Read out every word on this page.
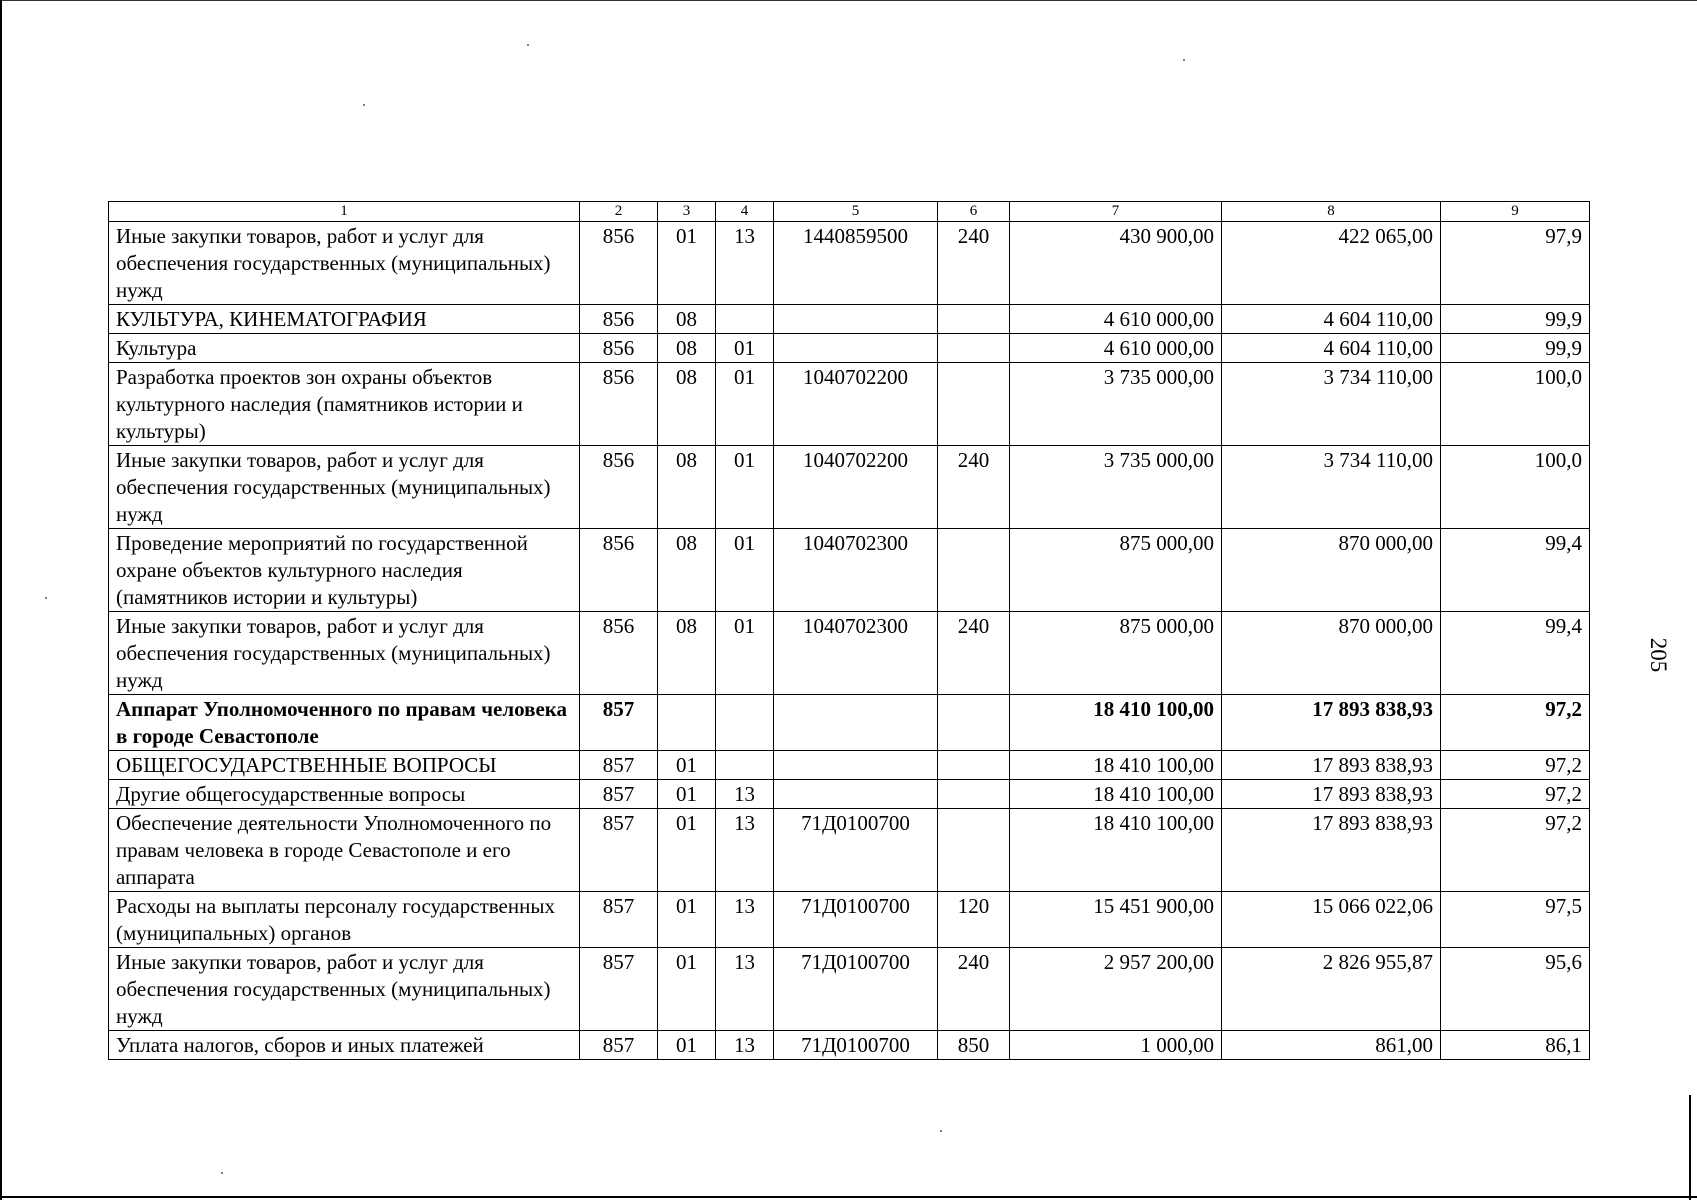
205
1	2	3	4	5	6	7	8	9
Иные закупки товаров, работ и услуг для обеспечения государственных (муниципальных) нужд	856	01	13	1440859500	240	430 900,00	422 065,00	97,9
КУЛЬТУРА, КИНЕМАТОГРАФИЯ	856	08				4 610 000,00	4 604 110,00	99,9
Культура	856	08	01			4 610 000,00	4 604 110,00	99,9
Разработка проектов зон охраны объектов культурного наследия (памятников истории и культуры)	856	08	01	1040702200		3 735 000,00	3 734 110,00	100,0
Иные закупки товаров, работ и услуг для обеспечения государственных (муниципальных) нужд	856	08	01	1040702200	240	3 735 000,00	3 734 110,00	100,0
Проведение мероприятий по государственной охране объектов культурного наследия (памятников истории и культуры)	856	08	01	1040702300		875 000,00	870 000,00	99,4
Иные закупки товаров, работ и услуг для обеспечения государственных (муниципальных) нужд	856	08	01	1040702300	240	875 000,00	870 000,00	99,4
Аппарат Уполномоченного по правам человека в городе Севастополе	857					18 410 100,00	17 893 838,93	97,2
ОБЩЕГОСУДАРСТВЕННЫЕ ВОПРОСЫ	857	01				18 410 100,00	17 893 838,93	97,2
Другие общегосударственные вопросы	857	01	13			18 410 100,00	17 893 838,93	97,2
Обеспечение деятельности Уполномоченного по правам человека в городе Севастополе и его аппарата	857	01	13	71Д0100700		18 410 100,00	17 893 838,93	97,2
Расходы на выплаты персоналу государственных (муниципальных) органов	857	01	13	71Д0100700	120	15 451 900,00	15 066 022,06	97,5
Иные закупки товаров, работ и услуг для обеспечения государственных (муниципальных) нужд	857	01	13	71Д0100700	240	2 957 200,00	2 826 955,87	95,6
Уплата налогов, сборов и иных платежей	857	01	13	71Д0100700	850	1 000,00	861,00	86,1
